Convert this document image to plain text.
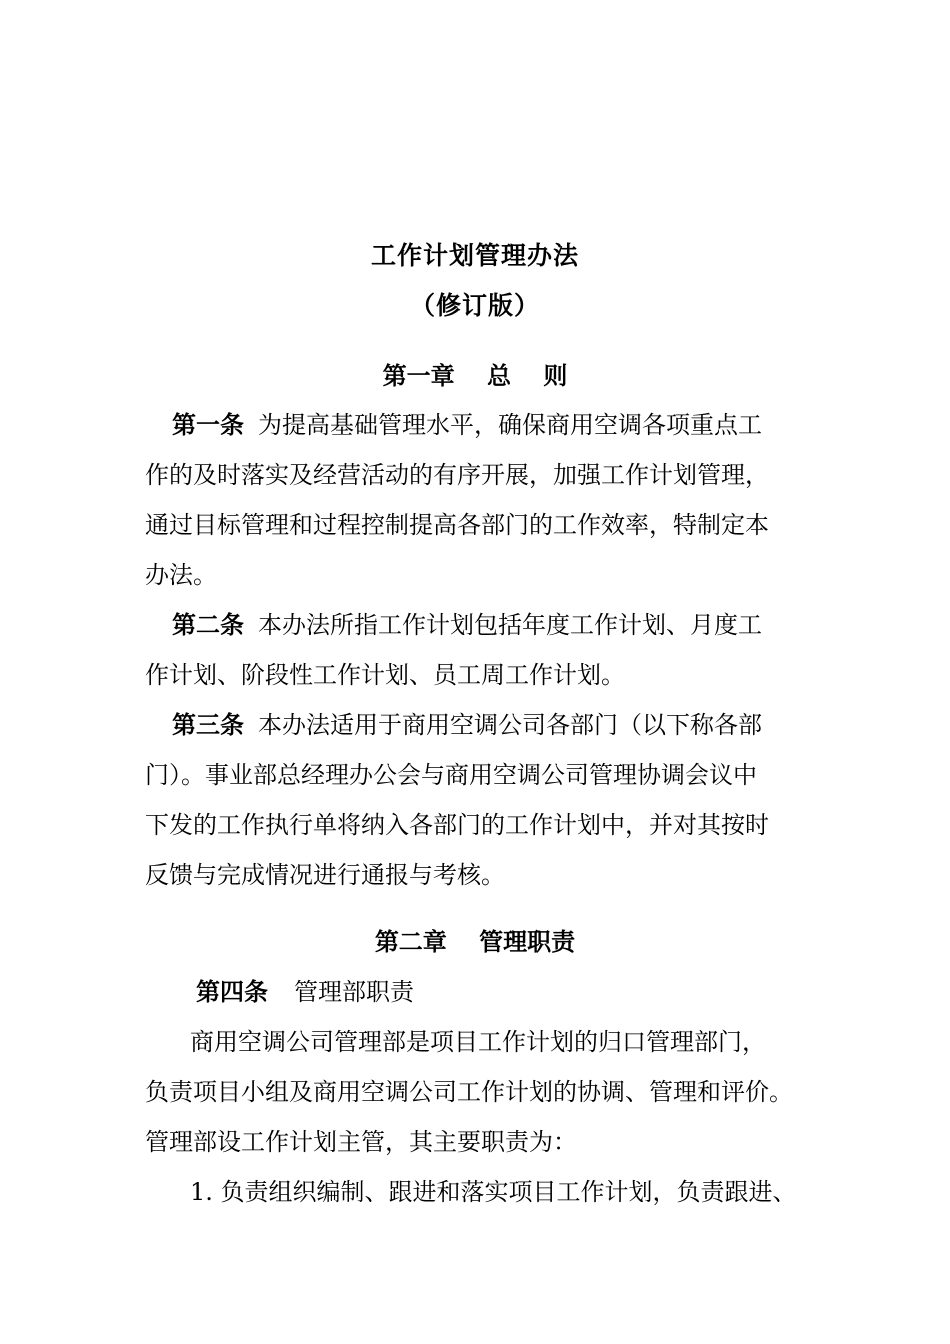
工作计划管理办法
（修订版）
第一章　 总　 则
第一条 为提高基础管理水平，确保商用空调各项重点工
作的及时落实及经营活动的有序开展，加强工作计划管理，
通过目标管理和过程控制提高各部门的工作效率，特制定本
办法。
第二条 本办法所指工作计划包括年度工作计划、月度工
作计划、阶段性工作计划、员工周工作计划。
第三条 本办法适用于商用空调公司各部门（以下称各部
门）。事业部总经理办公会与商用空调公司管理协调会议中
下发的工作执行单将纳入各部门的工作计划中，并对其按时
反馈与完成情况进行通报与考核。
第二章　 管理职责
第四条 管理部职责
商用空调公司管理部是项目工作计划的归口管理部门，
负责项目小组及商用空调公司工作计划的协调、管理和评价。
管理部设工作计划主管，其主要职责为：
1. 负责组织编制、跟进和落实项目工作计划，负责跟进、
